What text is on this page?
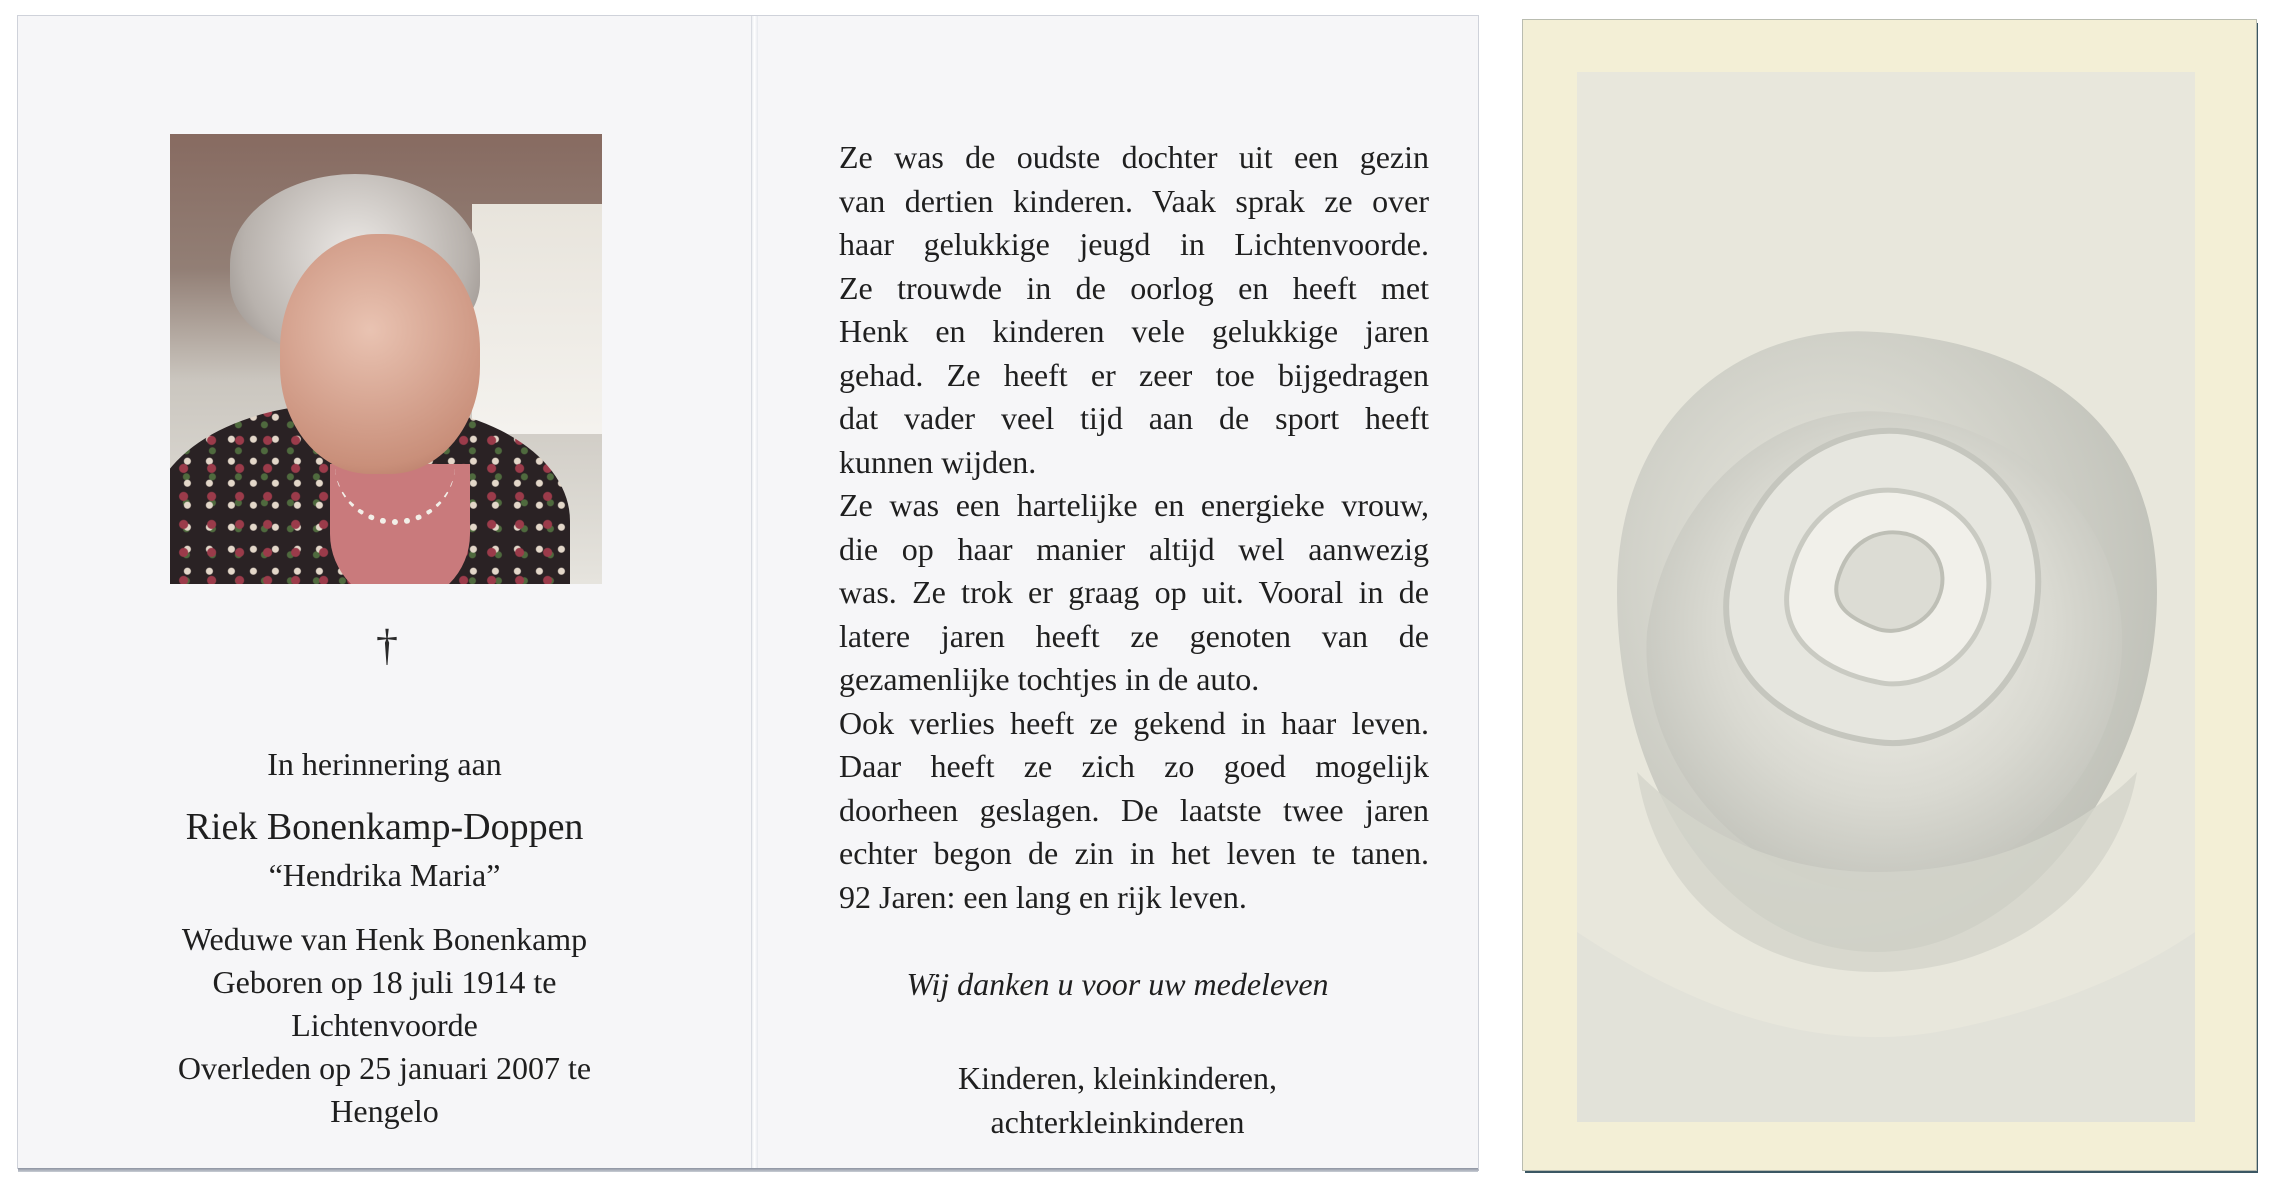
†
In herinnering aan
Riek Bonenkamp-Doppen
“Hendrika Maria”
Weduwe van Henk Bonenkamp
Geboren op 18 juli 1914 te
Lichtenvoorde
Overleden op 25 januari 2007 te
Hengelo
Ze was de oudste dochter uit een gezin
van dertien kinderen. Vaak sprak ze over
haar gelukkige jeugd in Lichtenvoorde.
Ze trouwde in de oorlog en heeft met
Henk en kinderen vele gelukkige jaren
gehad. Ze heeft er zeer toe bijgedragen
dat vader veel tijd aan de sport heeft
kunnen wijden.
Ze was een hartelijke en energieke vrouw,
die op haar manier altijd wel aanwezig
was. Ze trok er graag op uit. Vooral in de
latere jaren heeft ze genoten van de
gezamenlijke tochtjes in de auto.
Ook verlies heeft ze gekend in haar leven.
Daar heeft ze zich zo goed mogelijk
doorheen geslagen. De laatste twee jaren
echter begon de zin in het leven te tanen.
92 Jaren: een lang en rijk leven.
Wij danken u voor uw medeleven
Kinderen, kleinkinderen,
achterkleinkinderen
